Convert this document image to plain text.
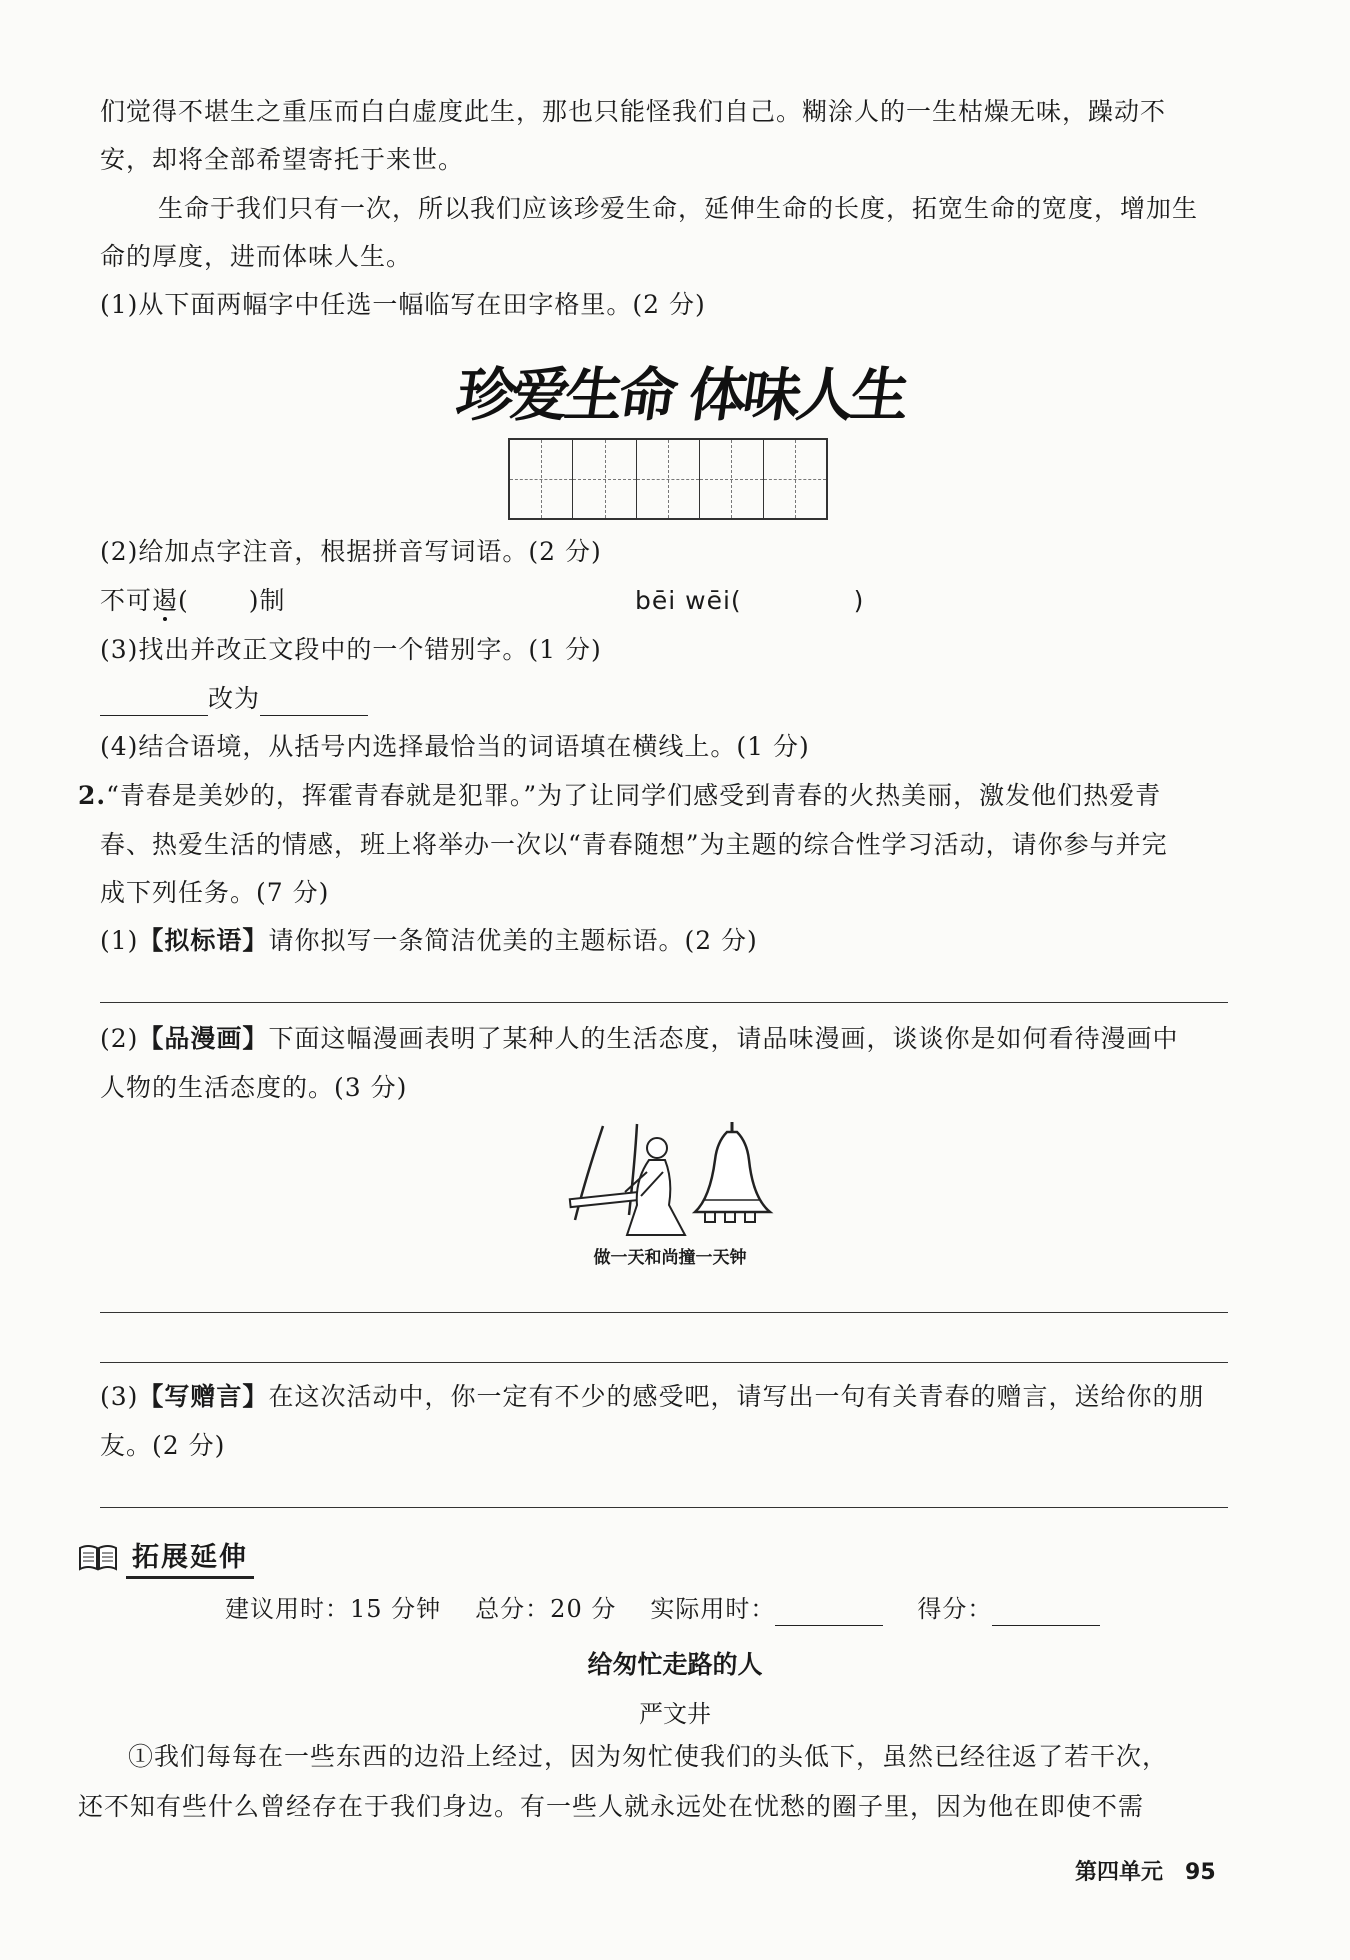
们觉得不堪生之重压而白白虚度此生，那也只能怪我们自己。糊涂人的一生枯燥无味，躁动不
安，却将全部希望寄托于来世。
生命于我们只有一次，所以我们应该珍爱生命，延伸生命的长度，拓宽生命的宽度，增加生
命的厚度，进而体味人生。
(1)从下面两幅字中任选一幅临写在田字格里。(2 分)
珍爱生命 体味人生
(2)给加点字注音，根据拼音写词语。(2 分)
不可遏( )制	bēi wēi(	)
(3)找出并改正文段中的一个错别字。(1 分)
改为
(4)结合语境，从括号内选择最恰当的词语填在横线上。(1 分)
2.“青春是美妙的，挥霍青春就是犯罪。”为了让同学们感受到青春的火热美丽，激发他们热爱青
春、热爱生活的情感，班上将举办一次以“青春随想”为主题的综合性学习活动，请你参与并完
成下列任务。(7 分)
(1)【拟标语】请你拟写一条简洁优美的主题标语。(2 分)
(2)【品漫画】下面这幅漫画表明了某种人的生活态度，请品味漫画，谈谈你是如何看待漫画中
人物的生活态度的。(3 分)
做一天和尚撞一天钟
(3)【写赠言】在这次活动中，你一定有不少的感受吧，请写出一句有关青春的赠言，送给你的朋
友。(2 分)
拓展延伸
建议用时：15 分钟 总分：20 分 实际用时：	得分：
给匆忙走路的人
严文井
①我们每每在一些东西的边沿上经过，因为匆忙使我们的头低下，虽然已经往返了若干次，
还不知有些什么曾经存在于我们身边。有一些人就永远处在忧愁的圈子里，因为他在即使不需
第四单元 95
